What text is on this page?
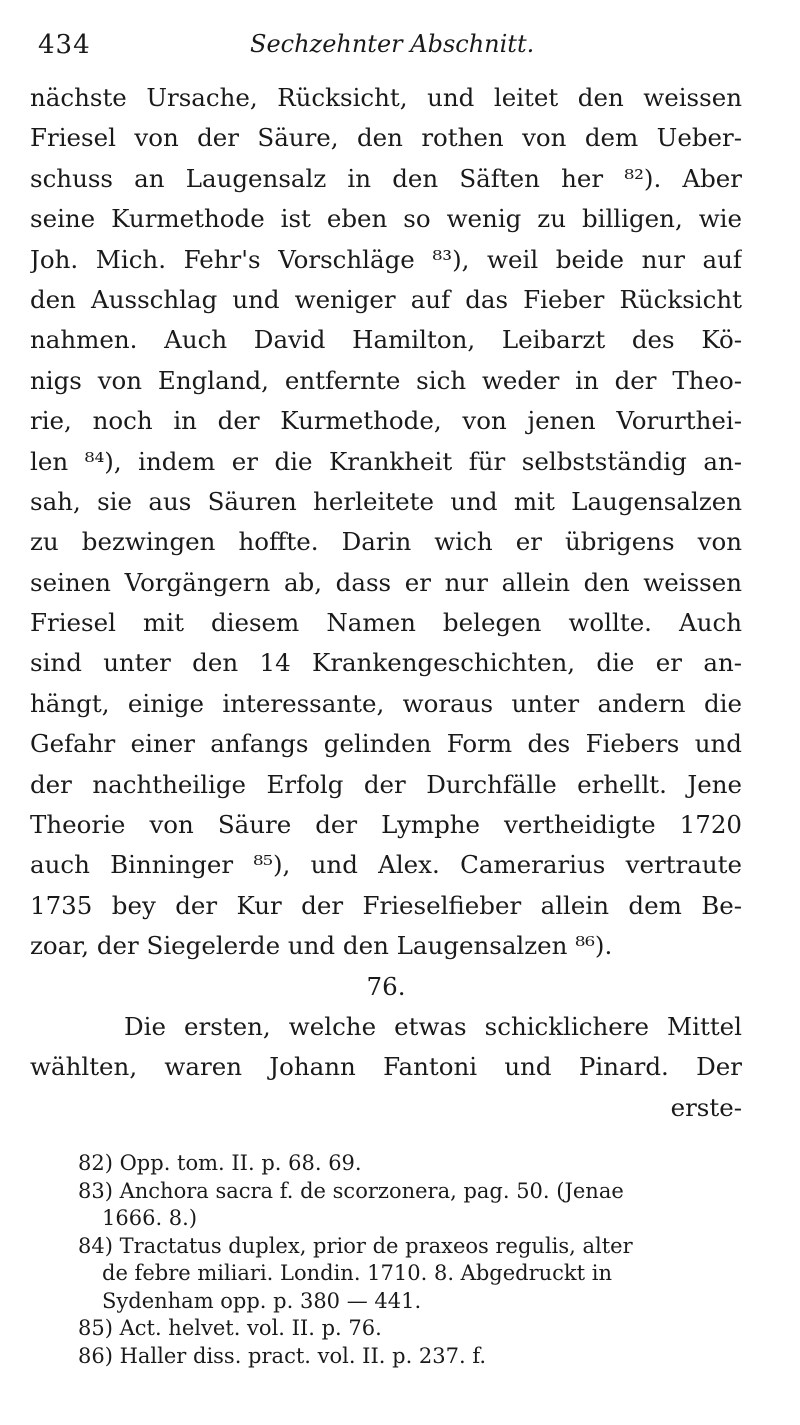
434	Sechzehnter Abschnitt.
nächste Ursache, Rücksicht, und leitet den weissen
Friesel von der Säure, den rothen von dem Ueber-
schuss an Laugensalz in den Säften her ⁸²). Aber
seine Kurmethode ist eben so wenig zu billigen, wie
Joh. Mich. Fehr's Vorschläge ⁸³), weil beide nur auf
den Ausschlag und weniger auf das Fieber Rücksicht
nahmen. Auch David Hamilton, Leibarzt des Kö-
nigs von England, entfernte sich weder in der Theo-
rie, noch in der Kurmethode, von jenen Vorurthei-
len ⁸⁴), indem er die Krankheit für selbstständig an-
sah, sie aus Säuren herleitete und mit Laugensalzen
zu bezwingen hoffte. Darin wich er übrigens von
seinen Vorgängern ab, dass er nur allein den weissen
Friesel mit diesem Namen belegen wollte. Auch
sind unter den 14 Krankengeschichten, die er an-
hängt, einige interessante, woraus unter andern die
Gefahr einer anfangs gelinden Form des Fiebers und
der nachtheilige Erfolg der Durchfälle erhellt. Jene
Theorie von Säure der Lymphe vertheidigte 1720
auch Binninger ⁸⁵), und Alex. Camerarius vertraute
1735 bey der Kur der Frieselfieber allein dem Be-
zoar, der Siegelerde und den Laugensalzen ⁸⁶).
76.
Die ersten, welche etwas schicklichere Mittel
wählten, waren Johann Fantoni und Pinard. Der
erste-
82) Opp. tom. II. p. 68. 69.
83) Anchora sacra f. de scorzonera, pag. 50. (Jenae
1666. 8.)
84) Tractatus duplex, prior de praxeos regulis, alter
de febre miliari. Londin. 1710. 8. Abgedruckt in
Sydenham opp. p. 380 — 441.
85) Act. helvet. vol. II. p. 76.
86) Haller diss. pract. vol. II. p. 237. f.
